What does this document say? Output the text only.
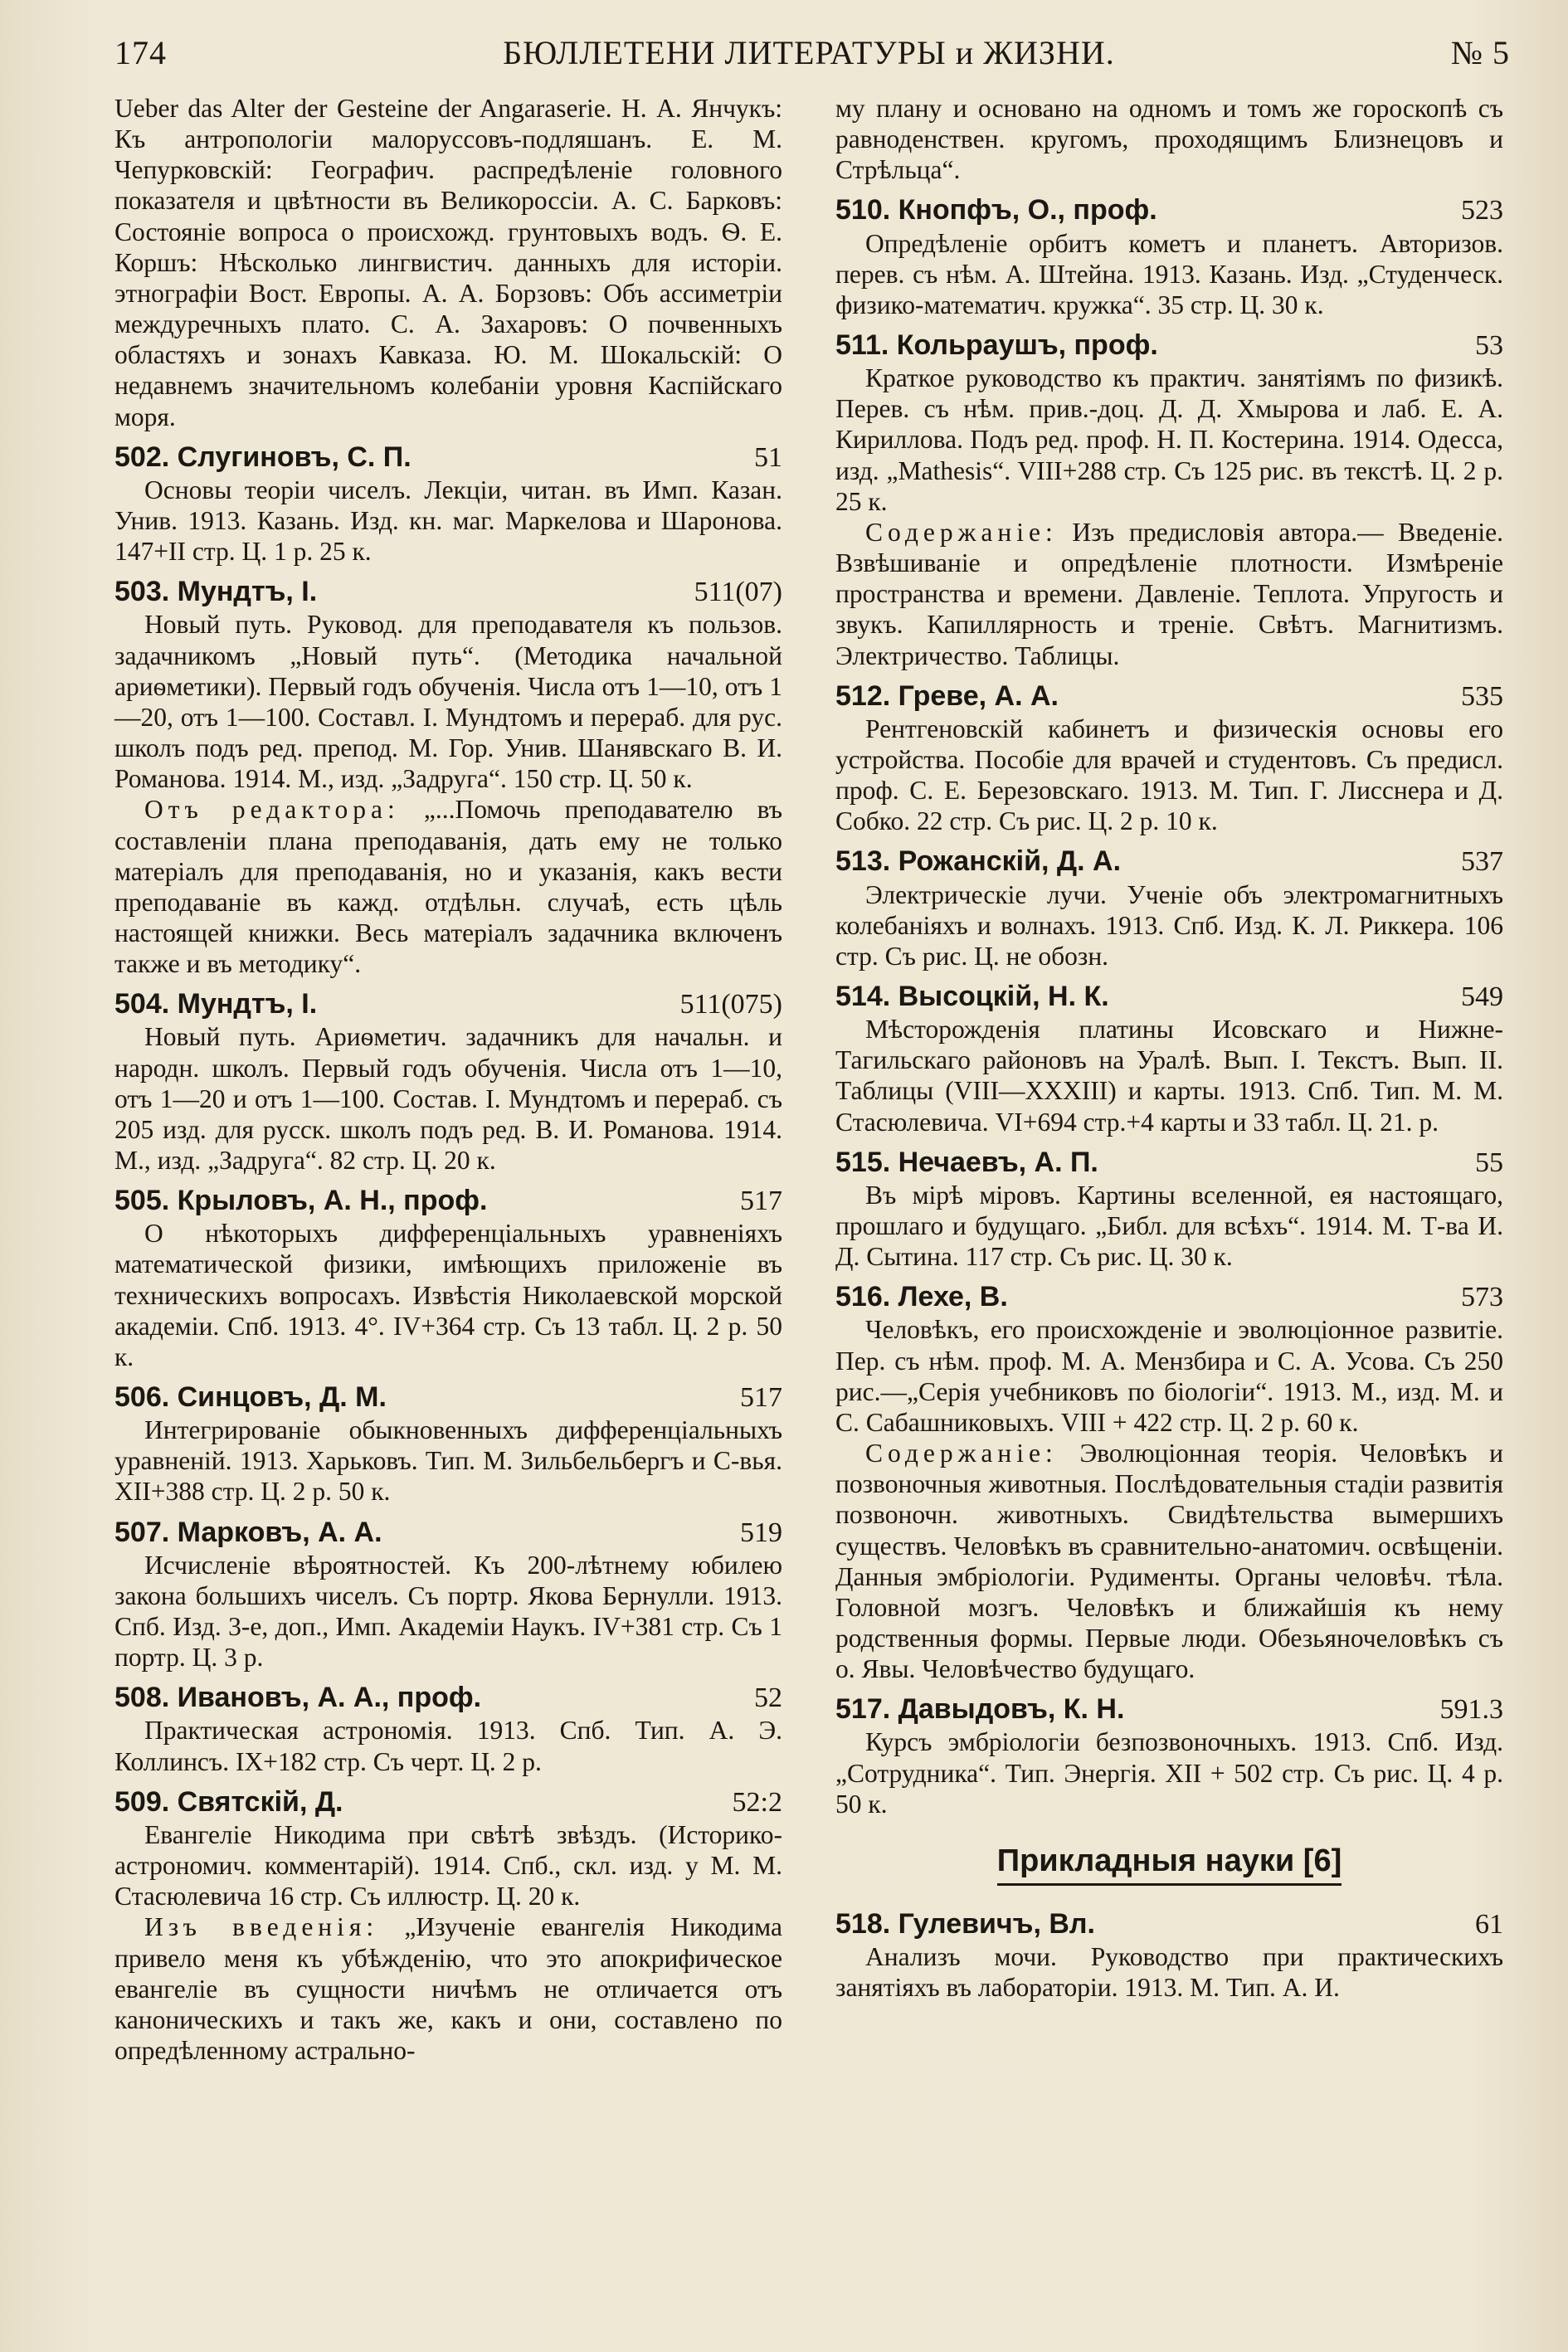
174	БЮЛЛЕТЕНИ ЛИТЕРАТУРЫ и ЖИЗНИ.	№ 5
Ueber das Alter der Gesteine der Angaraserie. Н. А. Янчукъ: Къ антропологіи малоруссовъ-подляшанъ. Е. М. Чепурковскій: Географич. распредѣленіе головного показателя и цвѣтности въ Великороссіи. А. С. Барковъ: Состояніе вопроса о происхожд. грунтовыхъ водъ. Ѳ. Е. Коршъ: Нѣсколько лингвистич. данныхъ для исторіи. этнографіи Вост. Европы. А. А. Борзовъ: Объ ассиметріи междуречныхъ плато. С. А. Захаровъ: О почвенныхъ областяхъ и зонахъ Кавказа. Ю. М. Шокальскій: О недавнемъ значительномъ колебаніи уровня Каспійскаго моря.
502. Слугиновъ, С. П.	51
Основы теоріи чиселъ. Лекціи, читан. въ Имп. Казан. Унив. 1913. Казань. Изд. кн. маг. Маркелова и Шаронова. 147+II стр. Ц. 1 р. 25 к.
503. Мундтъ, I.	511(07)
Новый путь. Руковод. для преподавателя къ пользов. задачникомъ „Новый путь“. (Методика начальной ариѳметики). Первый годъ обученія. Числа отъ 1—10, отъ 1—20, отъ 1—100. Составл. І. Мундтомъ и перераб. для рус. школъ подъ ред. препод. М. Гор. Унив. Шанявскаго В. И. Романова. 1914. М., изд. „Задруга“. 150 стр. Ц. 50 к.
Отъ редактора: „...Помочь преподавателю въ составленіи плана преподаванія, дать ему не только матеріалъ для преподаванія, но и указанія, какъ вести преподаваніе въ кажд. отдѣльн. случаѣ, есть цѣль настоящей книжки. Весь матеріалъ задачника включенъ также и въ методику“.
504. Мундтъ, I.	511(075)
Новый путь. Ариѳметич. задачникъ для начальн. и народн. школъ. Первый годъ обученія. Числа отъ 1—10, отъ 1—20 и отъ 1—100. Состав. І. Мундтомъ и перераб. съ 205 изд. для русск. школъ подъ ред. В. И. Романова. 1914. М., изд. „Задруга“. 82 стр. Ц. 20 к.
505. Крыловъ, А. Н., проф.	517
О нѣкоторыхъ дифференціальныхъ уравненіяхъ математической физики, имѣющихъ приложеніе въ техническихъ вопросахъ. Извѣстія Николаевской морской академіи. Спб. 1913. 4°. IV+364 стр. Съ 13 табл. Ц. 2 р. 50 к.
506. Синцовъ, Д. М.	517
Интегрированіе обыкновенныхъ дифференціальныхъ уравненій. 1913. Харьковъ. Тип. М. Зильбельбергъ и С-вья. XII+388 стр. Ц. 2 р. 50 к.
507. Марковъ, А. А.	519
Исчисленіе вѣроятностей. Къ 200-лѣтнему юбилею закона большихъ чиселъ. Съ портр. Якова Бернулли. 1913. Спб. Изд. 3-е, доп., Имп. Академіи Наукъ. IV+381 стр. Съ 1 портр. Ц. 3 р.
508. Ивановъ, А. А., проф.	52
Практическая астрономія. 1913. Спб. Тип. А. Э. Коллинсъ. IX+182 стр. Съ черт. Ц. 2 р.
509. Святскій, Д.	52:2
Евангеліе Никодима при свѣтѣ звѣздъ. (Историко-астрономич. комментарій). 1914. Спб., скл. изд. у М. М. Стасюлевича 16 стр. Съ иллюстр. Ц. 20 к.
Изъ введенія: „Изученіе евангелія Никодима привело меня къ убѣжденію, что это апокрифическое евангеліе въ сущности ничѣмъ не отличается отъ каноническихъ и такъ же, какъ и они, составлено по опредѣленному астрально-
му плану и основано на одномъ и томъ же гороскопѣ съ равноденствен. кругомъ, проходящимъ Близнецовъ и Стрѣльца“.
510. Кнопфъ, О., проф.	523
Опредѣленіе орбитъ кометъ и планетъ. Авторизов. перев. съ нѣм. А. Штейна. 1913. Казань. Изд. „Студенческ. физико-математич. кружка“. 35 стр. Ц. 30 к.
511. Кольраушъ, проф.	53
Краткое руководство къ практич. занятіямъ по физикѣ. Перев. съ нѣм. прив.-доц. Д. Д. Хмырова и лаб. Е. А. Кириллова. Подъ ред. проф. Н. П. Костерина. 1914. Одесса, изд. „Mathesis“. VIII+288 стр. Съ 125 рис. въ текстѣ. Ц. 2 р. 25 к.
Содержаніе: Изъ предисловія автора.— Введеніе. Взвѣшиваніе и опредѣленіе плотности. Измѣреніе пространства и времени. Давленіе. Теплота. Упругость и звукъ. Капиллярность и треніе. Свѣтъ. Магнитизмъ. Электричество. Таблицы.
512. Греве, А. А.	535
Рентгеновскій кабинетъ и физическія основы его устройства. Пособіе для врачей и студентовъ. Съ предисл. проф. С. Е. Березовскаго. 1913. М. Тип. Г. Лисснера и Д. Собко. 22 стр. Съ рис. Ц. 2 р. 10 к.
513. Рожанскій, Д. А.	537
Электрическіе лучи. Ученіе объ электромагнитныхъ колебаніяхъ и волнахъ. 1913. Спб. Изд. К. Л. Риккера. 106 стр. Съ рис. Ц. не обозн.
514. Высоцкій, Н. К.	549
Мѣсторожденія платины Исовскаго и Нижне-Тагильскаго районовъ на Уралѣ. Вып. I. Текстъ. Вып. II. Таблицы (VIII—XXXIII) и карты. 1913. Спб. Тип. М. М. Стасюлевича. VI+694 стр.+4 карты и 33 табл. Ц. 21. р.
515. Нечаевъ, А. П.	55
Въ мірѣ міровъ. Картины вселенной, ея настоящаго, прошлаго и будущаго. „Библ. для всѣхъ“. 1914. М. Т-ва И. Д. Сытина. 117 стр. Съ рис. Ц. 30 к.
516. Лехе, В.	573
Человѣкъ, его происхожденіе и эволюціонное развитіе. Пер. съ нѣм. проф. М. А. Мензбира и С. А. Усова. Съ 250 рис.—„Серія учебниковъ по біологіи“. 1913. М., изд. М. и С. Сабашниковыхъ. VIII + 422 стр. Ц. 2 р. 60 к.
Содержаніе: Эволюціонная теорія. Человѣкъ и позвоночныя животныя. Послѣдовательныя стадіи развитія позвоночн. животныхъ. Свидѣтельства вымершихъ существъ. Человѣкъ въ сравнительно-анатомич. освѣщеніи. Данныя эмбріологіи. Рудименты. Органы человѣч. тѣла. Головной мозгъ. Человѣкъ и ближайшія къ нему родственныя формы. Первые люди. Обезьяночеловѣкъ съ о. Явы. Человѣчество будущаго.
517. Давыдовъ, К. Н.	591.3
Курсъ эмбріологіи безпозвоночныхъ. 1913. Спб. Изд. „Сотрудника“. Тип. Энергія. XII + 502 стр. Съ рис. Ц. 4 р. 50 к.
Прикладныя науки [6]
518. Гулевичъ, Вл.	61
Анализъ мочи. Руководство при практическихъ занятіяхъ въ лабораторіи. 1913. М. Тип. А. И.
